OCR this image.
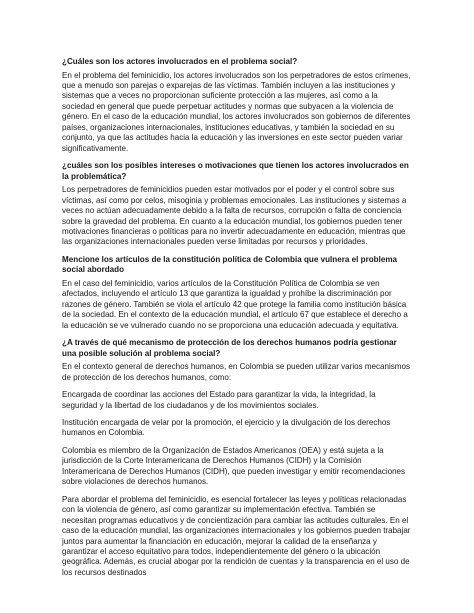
¿Cuáles son los actores involucrados en el problema social?
En el problema del feminicidio, los actores involucrados son los perpetradores de estos crímenes, que a menudo son parejas o exparejas de las víctimas. También incluyen a las instituciones y sistemas que a veces no proporcionan suficiente protección a las mujeres, así como a la sociedad en general que puede perpetuar actitudes y normas que subyacen a la violencia de género. En el caso de la educación mundial, los actores involucrados son gobiernos de diferentes países, organizaciones internacionales, instituciones educativas, y también la sociedad en su conjunto, ya que las actitudes hacia la educación y las inversiones en este sector pueden variar significativamente.
¿cuáles son los posibles intereses o motivaciones que tienen los actores involucrados en la problemática?
Los perpetradores de feminicidios pueden estar motivados por el poder y el control sobre sus víctimas, así como por celos, misoginia y problemas emocionales. Las instituciones y sistemas a veces no actúan adecuadamente debido a la falta de recursos, corrupción o falta de conciencia sobre la gravedad del problema. En cuanto a la educación mundial, los gobiernos pueden tener motivaciones financieras o políticas para no invertir adecuadamente en educación, mientras que las organizaciones internacionales pueden verse limitadas por recursos y prioridades.
Mencione los artículos de la constitución política de Colombia que vulnera el problema social abordado
En el caso del feminicidio, varios artículos de la Constitución Política de Colombia se ven afectados, incluyendo el artículo 13 que garantiza la igualdad y prohíbe la discriminación por razones de género. También se viola el artículo 42 que protege la familia como institución básica de la sociedad. En el contexto de la educación mundial, el artículo 67 que establece el derecho a la educación se ve vulnerado cuando no se proporciona una educación adecuada y equitativa.
¿A través de qué mecanismo de protección de los derechos humanos podría gestionar una posible solución al problema social?
En el contexto general de derechos humanos, en Colombia se pueden utilizar varios mecanismos de protección de los derechos humanos, como:
Encargada de coordinar las acciones del Estado para garantizar la vida, la integridad, la seguridad y la libertad de los ciudadanos y de los movimientos sociales.
Institución encargada de velar por la promoción, el ejercicio y la divulgación de los derechos humanos en Colombia.
Colombia es miembro de la Organización de Estados Americanos (OEA) y está sujeta a la jurisdicción de la Corte Interamericana de Derechos Humanos (CIDH) y la Comisión Interamericana de Derechos Humanos (CIDH), que pueden investigar y emitir recomendaciones sobre violaciones de derechos humanos.
Para abordar el problema del feminicidio, es esencial fortalecer las leyes y políticas relacionadas con la violencia de género, así como garantizar su implementación efectiva. También se necesitan programas educativos y de concientización para cambiar las actitudes culturales. En el caso de la educación mundial, las organizaciones internacionales y los gobiernos pueden trabajar juntos para aumentar la financiación en educación, mejorar la calidad de la enseñanza y garantizar el acceso equitativo para todos, independientemente del género o la ubicación geográfica. Además, es crucial abogar por la rendición de cuentas y la transparencia en el uso de los recursos destinados
